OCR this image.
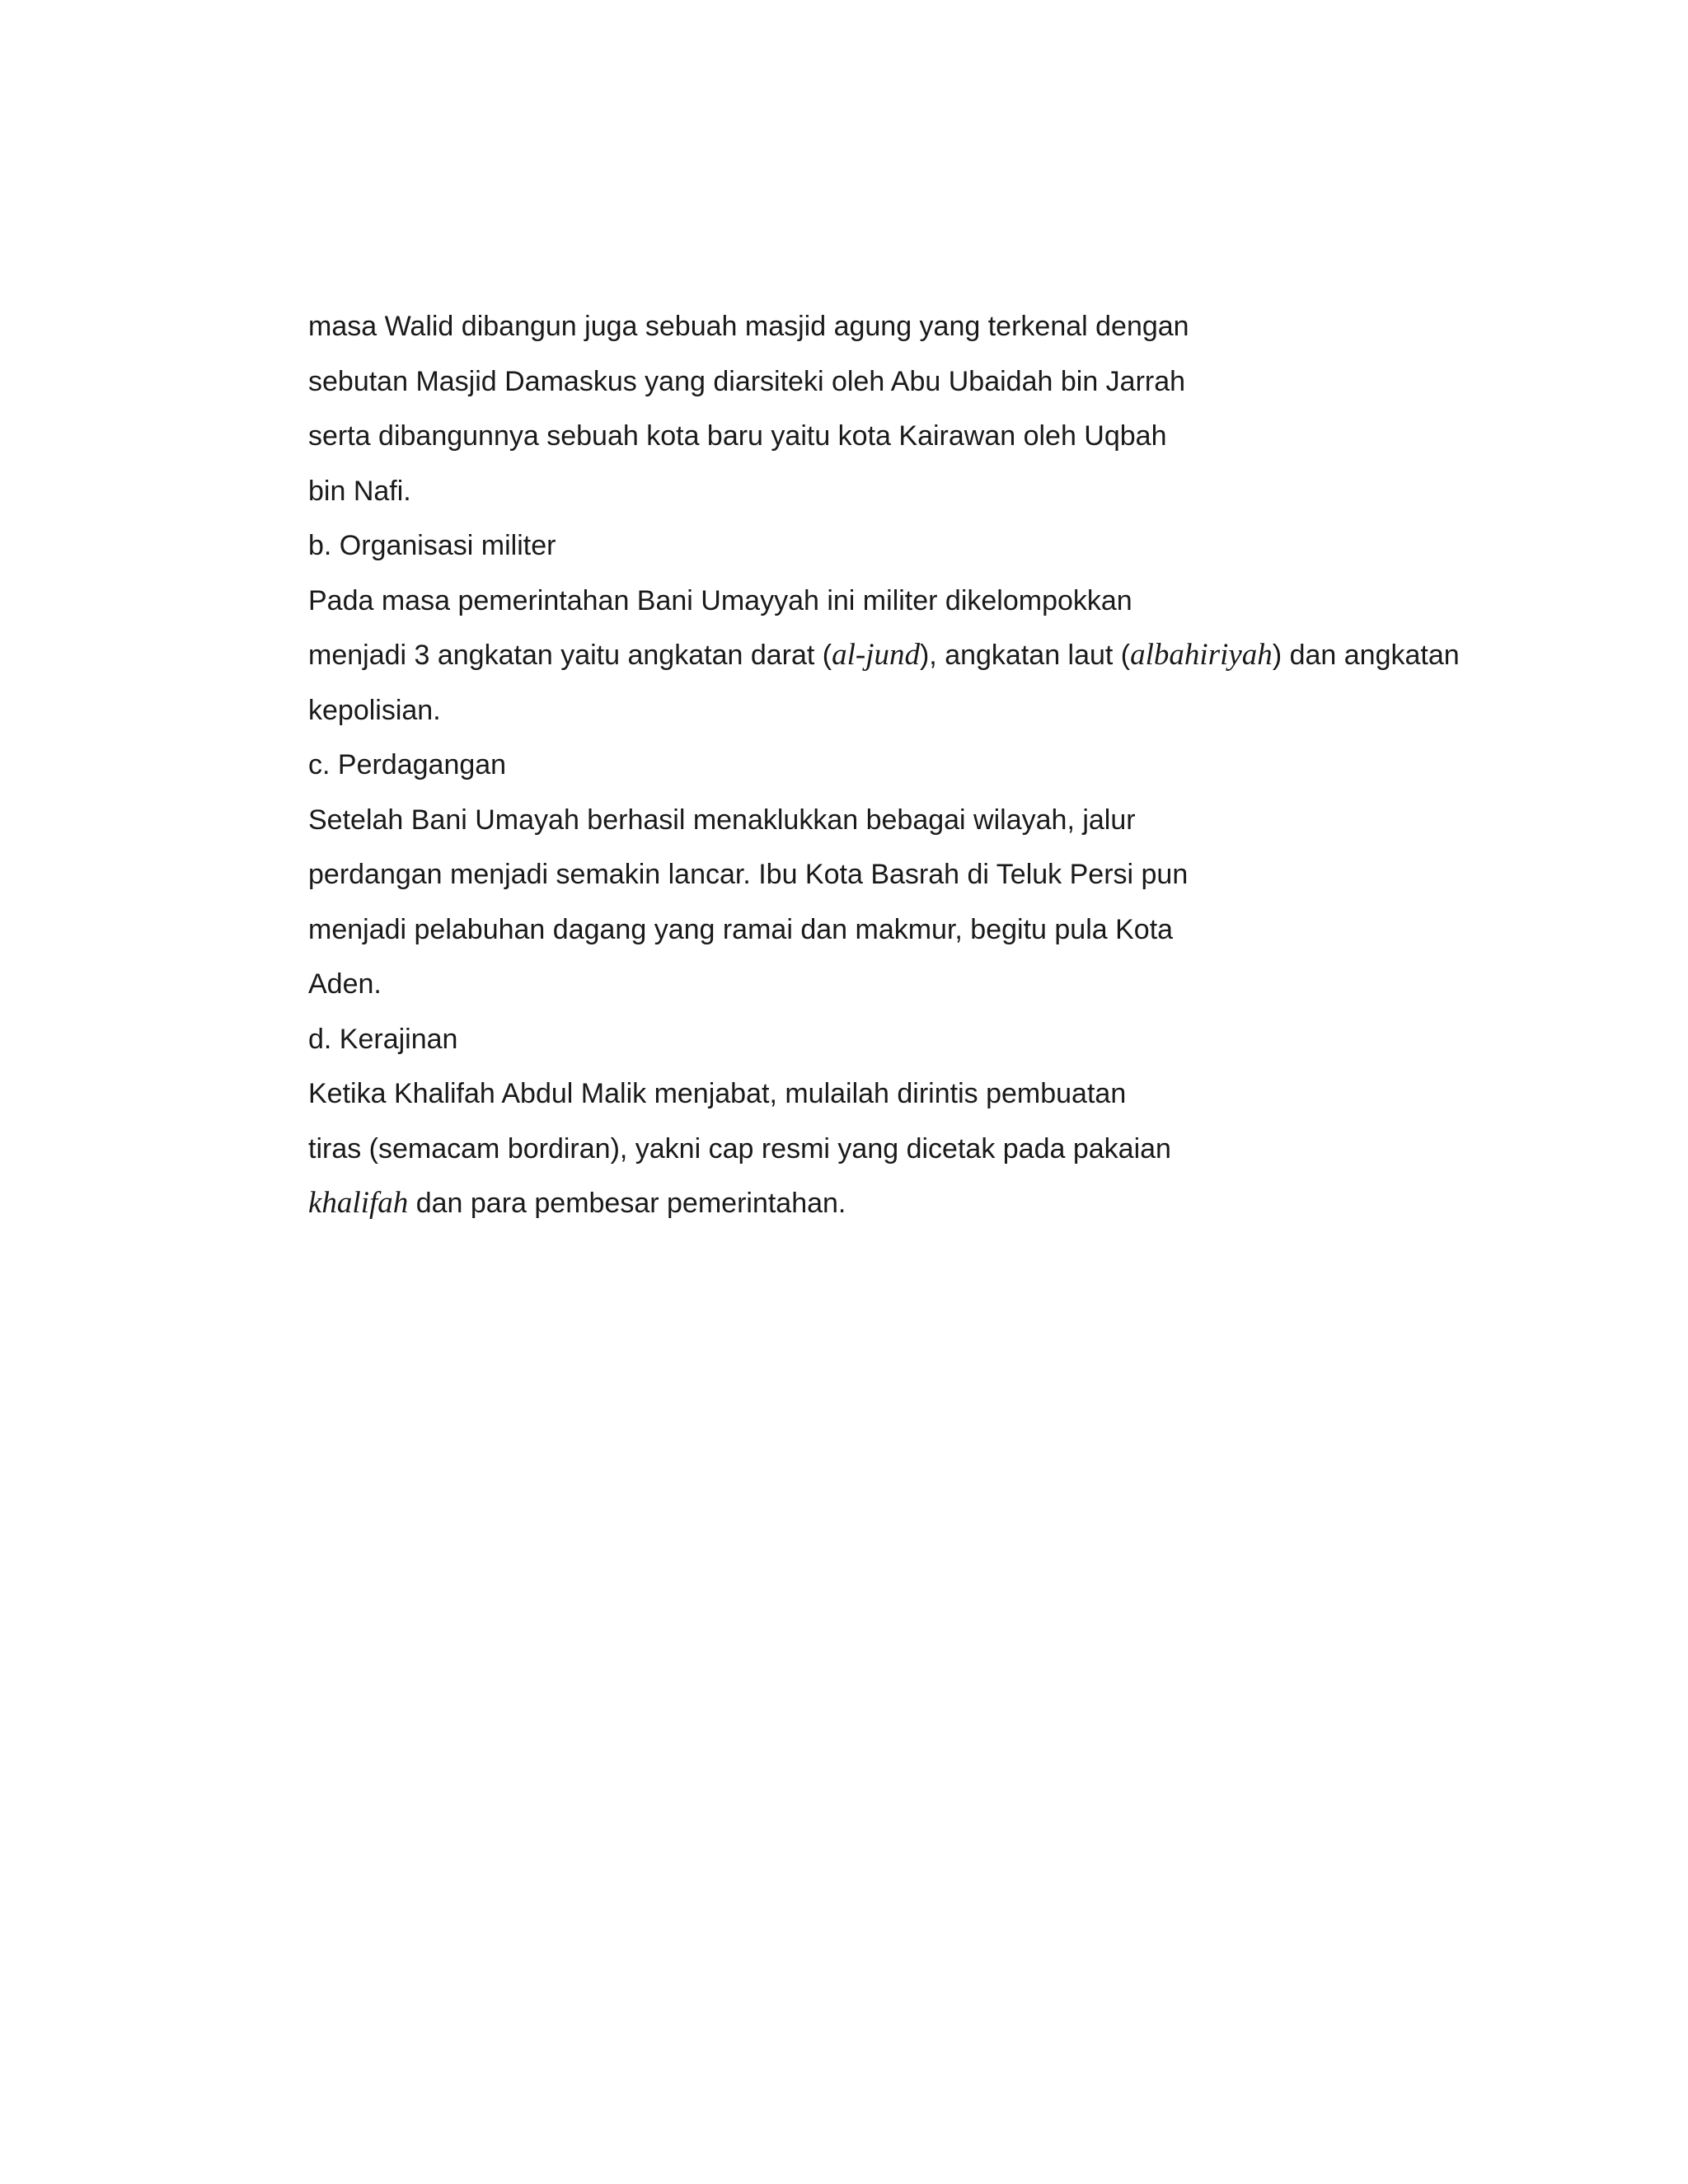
masa Walid dibangun juga sebuah masjid agung yang terkenal dengan
sebutan Masjid Damaskus yang diarsiteki oleh Abu Ubaidah bin Jarrah
serta dibangunnya sebuah kota baru yaitu kota Kairawan oleh Uqbah
bin Nafi.
b. Organisasi militer
Pada masa pemerintahan Bani Umayyah ini militer dikelompokkan
menjadi 3 angkatan yaitu angkatan darat (al-jund), angkatan laut (albahiriyah) dan angkatan
kepolisian.
c. Perdagangan
Setelah Bani Umayah berhasil menaklukkan bebagai wilayah, jalur
perdangan menjadi semakin lancar. Ibu Kota Basrah di Teluk Persi pun
menjadi pelabuhan dagang yang ramai dan makmur, begitu pula Kota
Aden.
d. Kerajinan
Ketika Khalifah Abdul Malik menjabat, mulailah dirintis pembuatan
tiras (semacam bordiran), yakni cap resmi yang dicetak pada pakaian
khalifah dan para pembesar pemerintahan.
